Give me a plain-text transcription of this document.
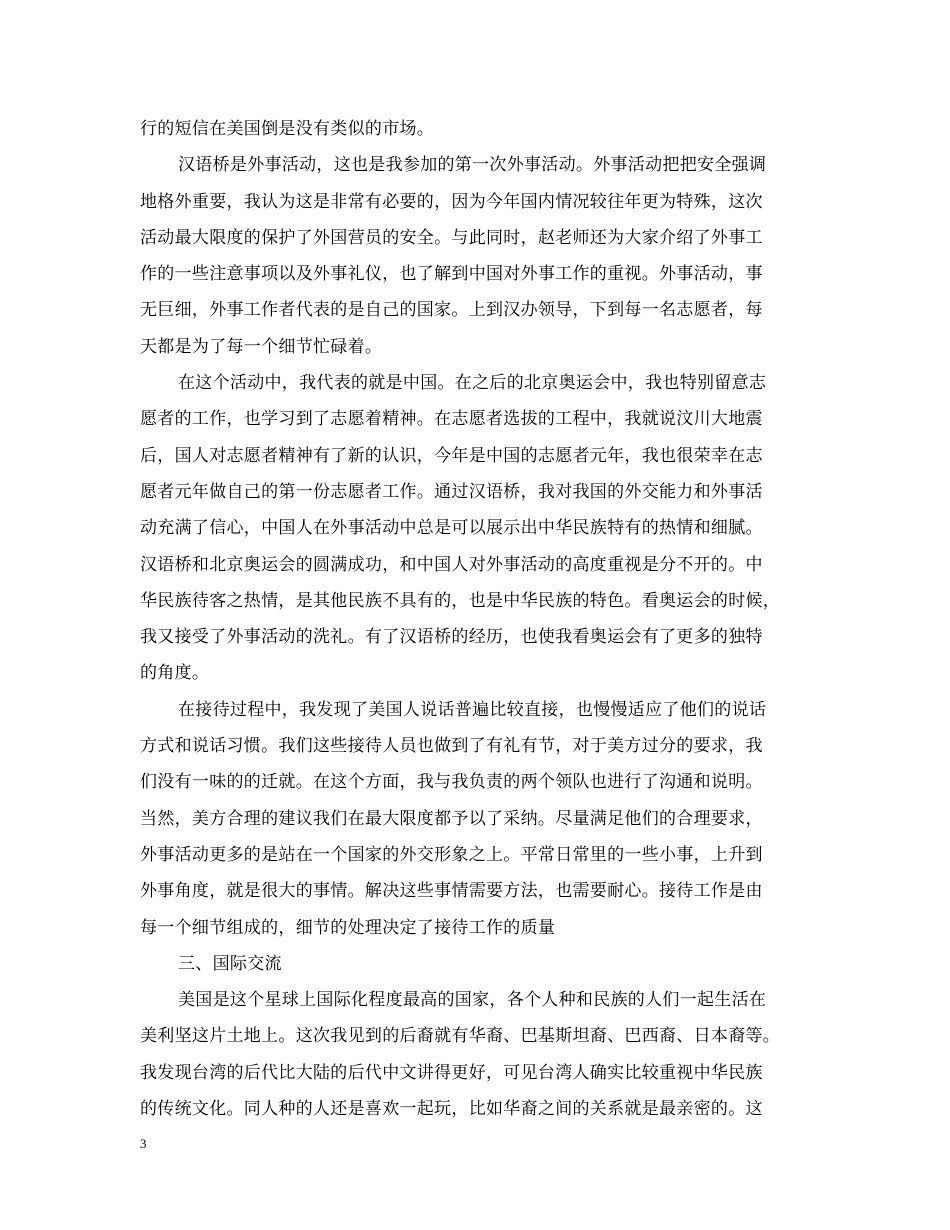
行的短信在美国倒是没有类似的市场。
汉语桥是外事活动，这也是我参加的第一次外事活动。外事活动把把安全强调
地格外重要，我认为这是非常有必要的，因为今年国内情况较往年更为特殊，这次
活动最大限度的保护了外国营员的安全。与此同时，赵老师还为大家介绍了外事工
作的一些注意事项以及外事礼仪，也了解到中国对外事工作的重视。外事活动，事
无巨细，外事工作者代表的是自己的国家。上到汉办领导，下到每一名志愿者，每
天都是为了每一个细节忙碌着。
在这个活动中，我代表的就是中国。在之后的北京奥运会中，我也特别留意志
愿者的工作，也学习到了志愿着精神。在志愿者选拔的工程中，我就说汶川大地震
后，国人对志愿者精神有了新的认识，今年是中国的志愿者元年，我也很荣幸在志
愿者元年做自己的第一份志愿者工作。通过汉语桥，我对我国的外交能力和外事活
动充满了信心，中国人在外事活动中总是可以展示出中华民族特有的热情和细腻。
汉语桥和北京奥运会的圆满成功，和中国人对外事活动的高度重视是分不开的。中
华民族待客之热情，是其他民族不具有的，也是中华民族的特色。看奥运会的时候，
我又接受了外事活动的洗礼。有了汉语桥的经历，也使我看奥运会有了更多的独特
的角度。
在接待过程中，我发现了美国人说话普遍比较直接，也慢慢适应了他们的说话
方式和说话习惯。我们这些接待人员也做到了有礼有节，对于美方过分的要求，我
们没有一味的的迁就。在这个方面，我与我负责的两个领队也进行了沟通和说明。
当然，美方合理的建议我们在最大限度都予以了采纳。尽量满足他们的合理要求，
外事活动更多的是站在一个国家的外交形象之上。平常日常里的一些小事，上升到
外事角度，就是很大的事情。解决这些事情需要方法，也需要耐心。接待工作是由
每一个细节组成的，细节的处理决定了接待工作的质量
三、国际交流
美国是这个星球上国际化程度最高的国家，各个人种和民族的人们一起生活在
美利坚这片土地上。这次我见到的后裔就有华裔、巴基斯坦裔、巴西裔、日本裔等。
我发现台湾的后代比大陆的后代中文讲得更好，可见台湾人确实比较重视中华民族
的传统文化。同人种的人还是喜欢一起玩，比如华裔之间的关系就是最亲密的。这
3
